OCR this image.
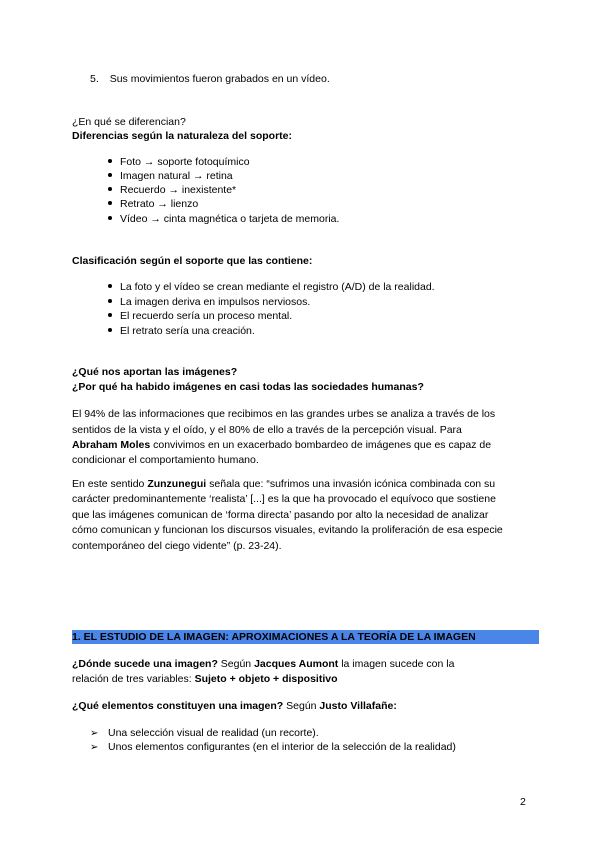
5. Sus movimientos fueron grabados en un vídeo.
¿En qué se diferencian?
Diferencias según la naturaleza del soporte:
Foto → soporte fotoquímico
Imagen natural → retina
Recuerdo → inexistente*
Retrato → lienzo
Vídeo → cinta magnética o tarjeta de memoria.
Clasificación según el soporte que las contiene:
La foto y el vídeo se crean mediante el registro (A/D) de la realidad.
La imagen deriva en impulsos nerviosos.
El recuerdo sería un proceso mental.
El retrato sería una creación.
¿Qué nos aportan las imágenes?
¿Por qué ha habido imágenes en casi todas las sociedades humanas?
El 94% de las informaciones que recibimos en las grandes urbes se analiza a través de los
sentidos de la vista y el oído, y el 80% de ello a través de la percepción visual. Para
Abraham Moles convivimos en un exacerbado bombardeo de imágenes que es capaz de
condicionar el comportamiento humano.
En este sentido Zunzunegui señala que: “sufrimos una invasión icónica combinada con su
carácter predominantemente ‘realista’ [...] es la que ha provocado el equívoco que sostiene
que las imágenes comunican de ‘forma directa’ pasando por alto la necesidad de analizar
cómo comunican y funcionan los discursos visuales, evitando la proliferación de esa especie
contemporáneo del ciego vidente” (p. 23-24).
1. EL ESTUDIO DE LA IMAGEN: APROXIMACIONES A LA TEORÍA DE LA IMAGEN
¿Dónde sucede una imagen? Según Jacques Aumont la imagen sucede con la
relación de tres variables: Sujeto + objeto + dispositivo
¿Qué elementos constituyen una imagen? Según Justo Villafañe:
➢ Una selección visual de realidad (un recorte).
➢ Unos elementos configurantes (en el interior de la selección de la realidad)
2
